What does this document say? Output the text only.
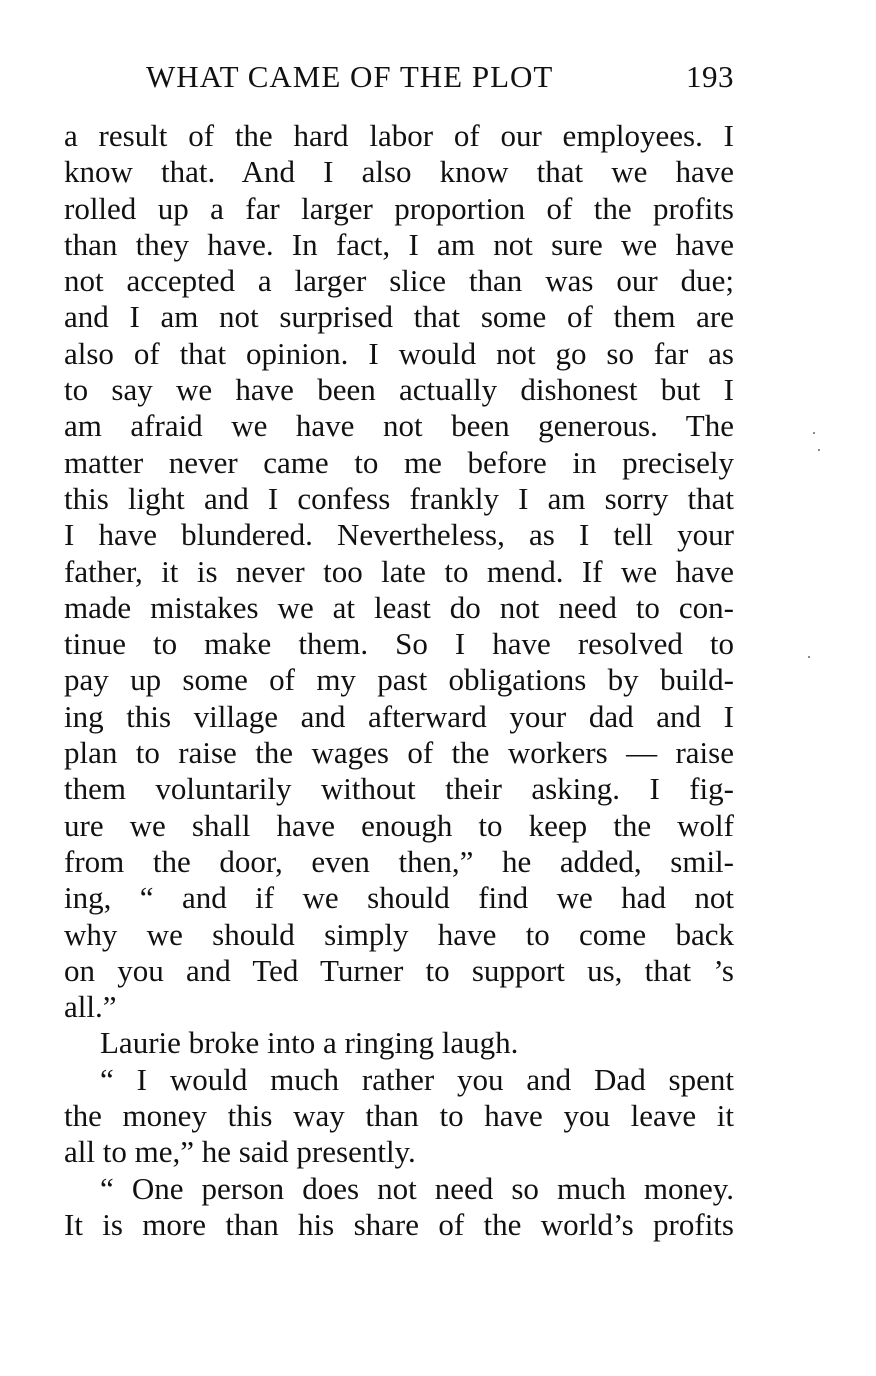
WHAT CAME OF THE PLOT	193
a result of the hard labor of our employees. I
know that. And I also know that we have
rolled up a far larger proportion of the profits
than they have. In fact, I am not sure we have
not accepted a larger slice than was our due;
and I am not surprised that some of them are
also of that opinion. I would not go so far as
to say we have been actually dishonest but I
am afraid we have not been generous. The
matter never came to me before in precisely
this light and I confess frankly I am sorry that
I have blundered. Nevertheless, as I tell your
father, it is never too late to mend. If we have
made mistakes we at least do not need to con-
tinue to make them. So I have resolved to
pay up some of my past obligations by build-
ing this village and afterward your dad and I
plan to raise the wages of the workers — raise
them voluntarily without their asking. I fig-
ure we shall have enough to keep the wolf
from the door, even then,” he added, smil-
ing, “ and if we should find we had not
why we should simply have to come back
on you and Ted Turner to support us, that ’s
all.”
Laurie broke into a ringing laugh.
“ I would much rather you and Dad spent
the money this way than to have you leave it
all to me,” he said presently.
“ One person does not need so much money.
It is more than his share of the world’s profits
